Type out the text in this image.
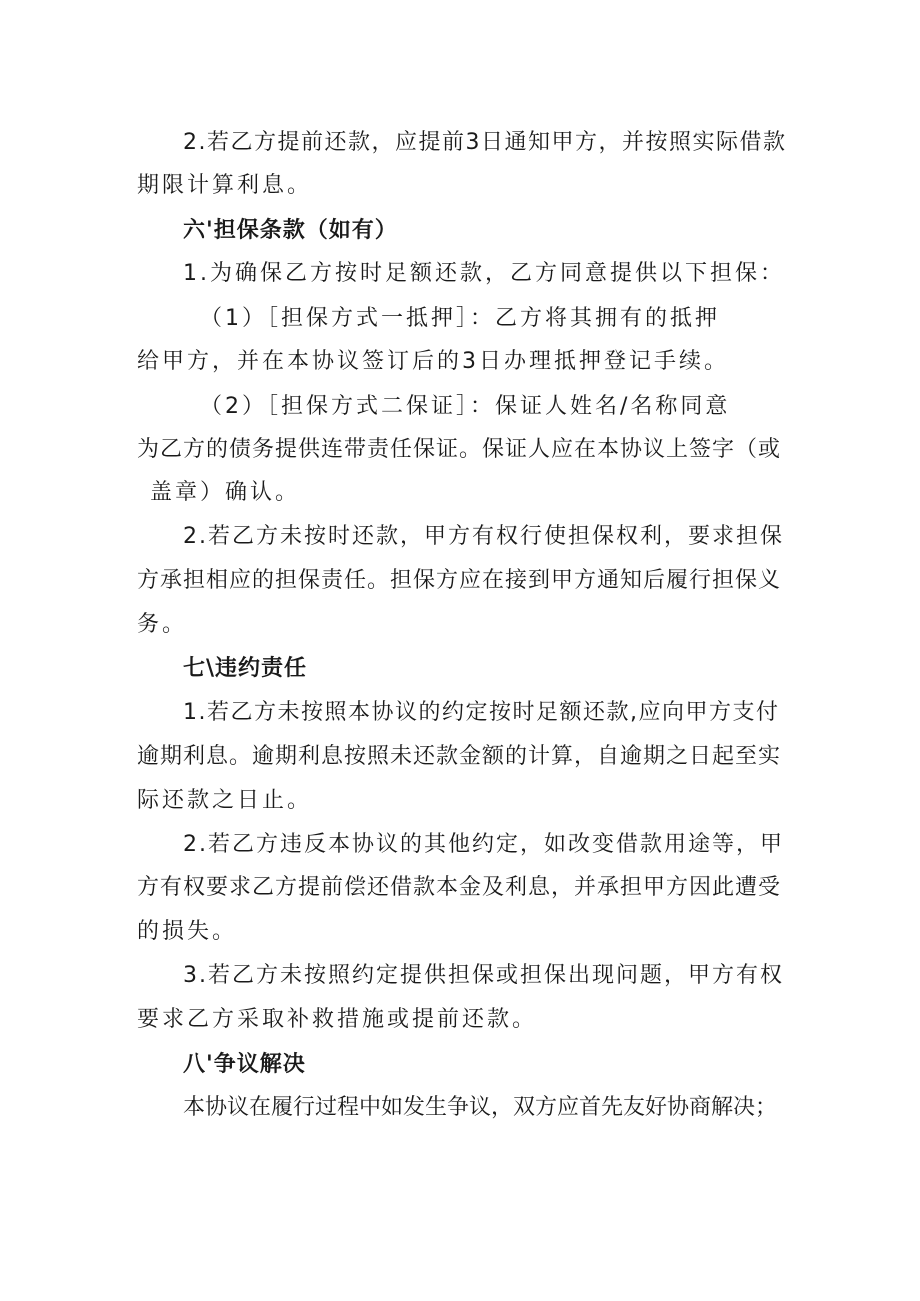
2.若乙方提前还款，应提前3日通知甲方，并按照实际借款
期限计算利息。
六'担保条款（如有）
1.为确保乙方按时足额还款，乙方同意提供以下担保：
（1）［担保方式一抵押］：乙方将其拥有的抵押
给甲方，并在本协议签订后的3日办理抵押登记手续。
（2）［担保方式二保证］：保证人姓名/名称同意
为乙方的债务提供连带责任保证。保证人应在本协议上签字（或
盖章）确认。
2.若乙方未按时还款，甲方有权行使担保权利，要求担保
方承担相应的担保责任。担保方应在接到甲方通知后履行担保义
务。
七\违约责任
1.若乙方未按照本协议的约定按时足额还款,应向甲方支付
逾期利息。逾期利息按照未还款金额的计算，自逾期之日起至实
际还款之日止。
2.若乙方违反本协议的其他约定，如改变借款用途等，甲
方有权要求乙方提前偿还借款本金及利息，并承担甲方因此遭受
的损失。
3.若乙方未按照约定提供担保或担保出现问题，甲方有权
要求乙方采取补救措施或提前还款。
八'争议解决
本协议在履行过程中如发生争议，双方应首先友好协商解决；
